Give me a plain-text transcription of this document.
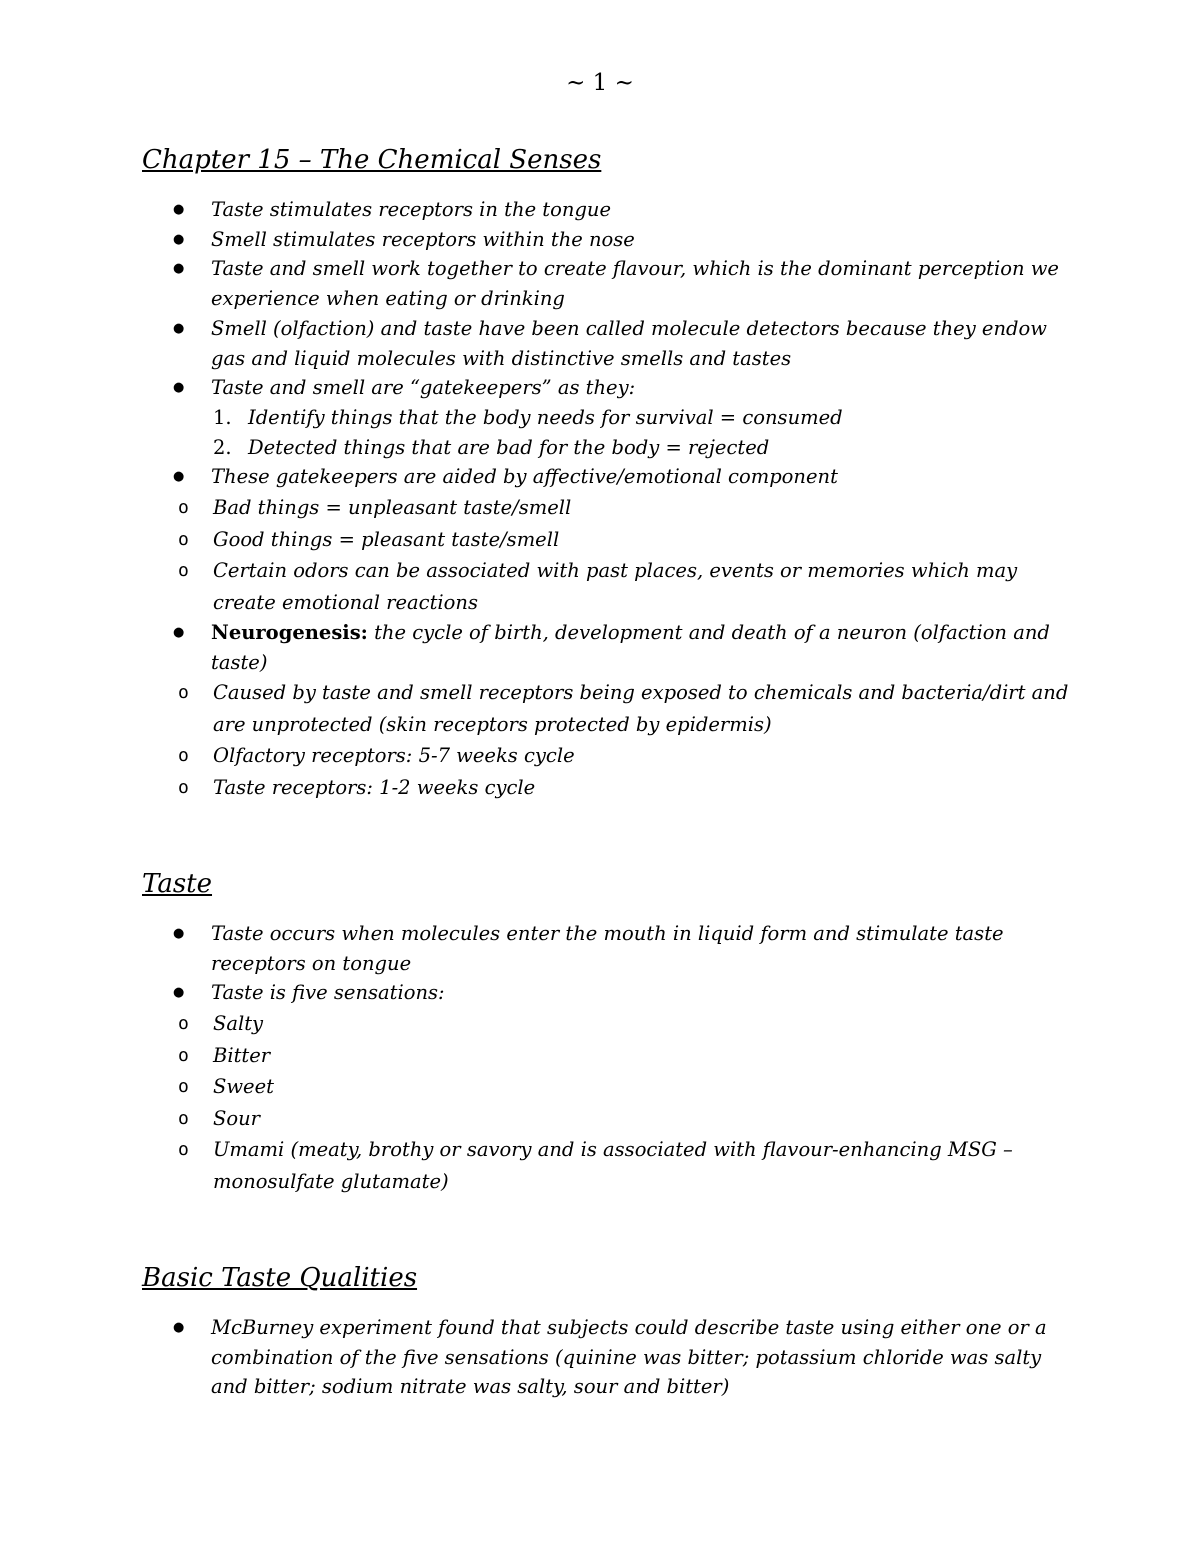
~ 1 ~
Chapter 15 – The Chemical Senses
● Taste stimulates receptors in the tongue
● Smell stimulates receptors within the nose
● Taste and smell work together to create flavour, which is the dominant perception we experience when eating or drinking
● Smell (olfaction) and taste have been called molecule detectors because they endow gas and liquid molecules with distinctive smells and tastes
● Taste and smell are “gatekeepers” as they:
1. Identify things that the body needs for survival = consumed
2. Detected things that are bad for the body = rejected
● These gatekeepers are aided by affective/emotional component
o Bad things = unpleasant taste/smell
o Good things = pleasant taste/smell
o Certain odors can be associated with past places, events or memories which may create emotional reactions
● Neurogenesis: the cycle of birth, development and death of a neuron (olfaction and taste)
o Caused by taste and smell receptors being exposed to chemicals and bacteria/dirt and are unprotected (skin receptors protected by epidermis)
o Olfactory receptors: 5-7 weeks cycle
o Taste receptors: 1-2 weeks cycle
Taste
● Taste occurs when molecules enter the mouth in liquid form and stimulate taste receptors on tongue
● Taste is five sensations:
o Salty
o Bitter
o Sweet
o Sour
o Umami (meaty, brothy or savory and is associated with flavour-enhancing MSG – monosulfate glutamate)
Basic Taste Qualities
● McBurney experiment found that subjects could describe taste using either one or a combination of the five sensations (quinine was bitter; potassium chloride was salty and bitter; sodium nitrate was salty, sour and bitter)
